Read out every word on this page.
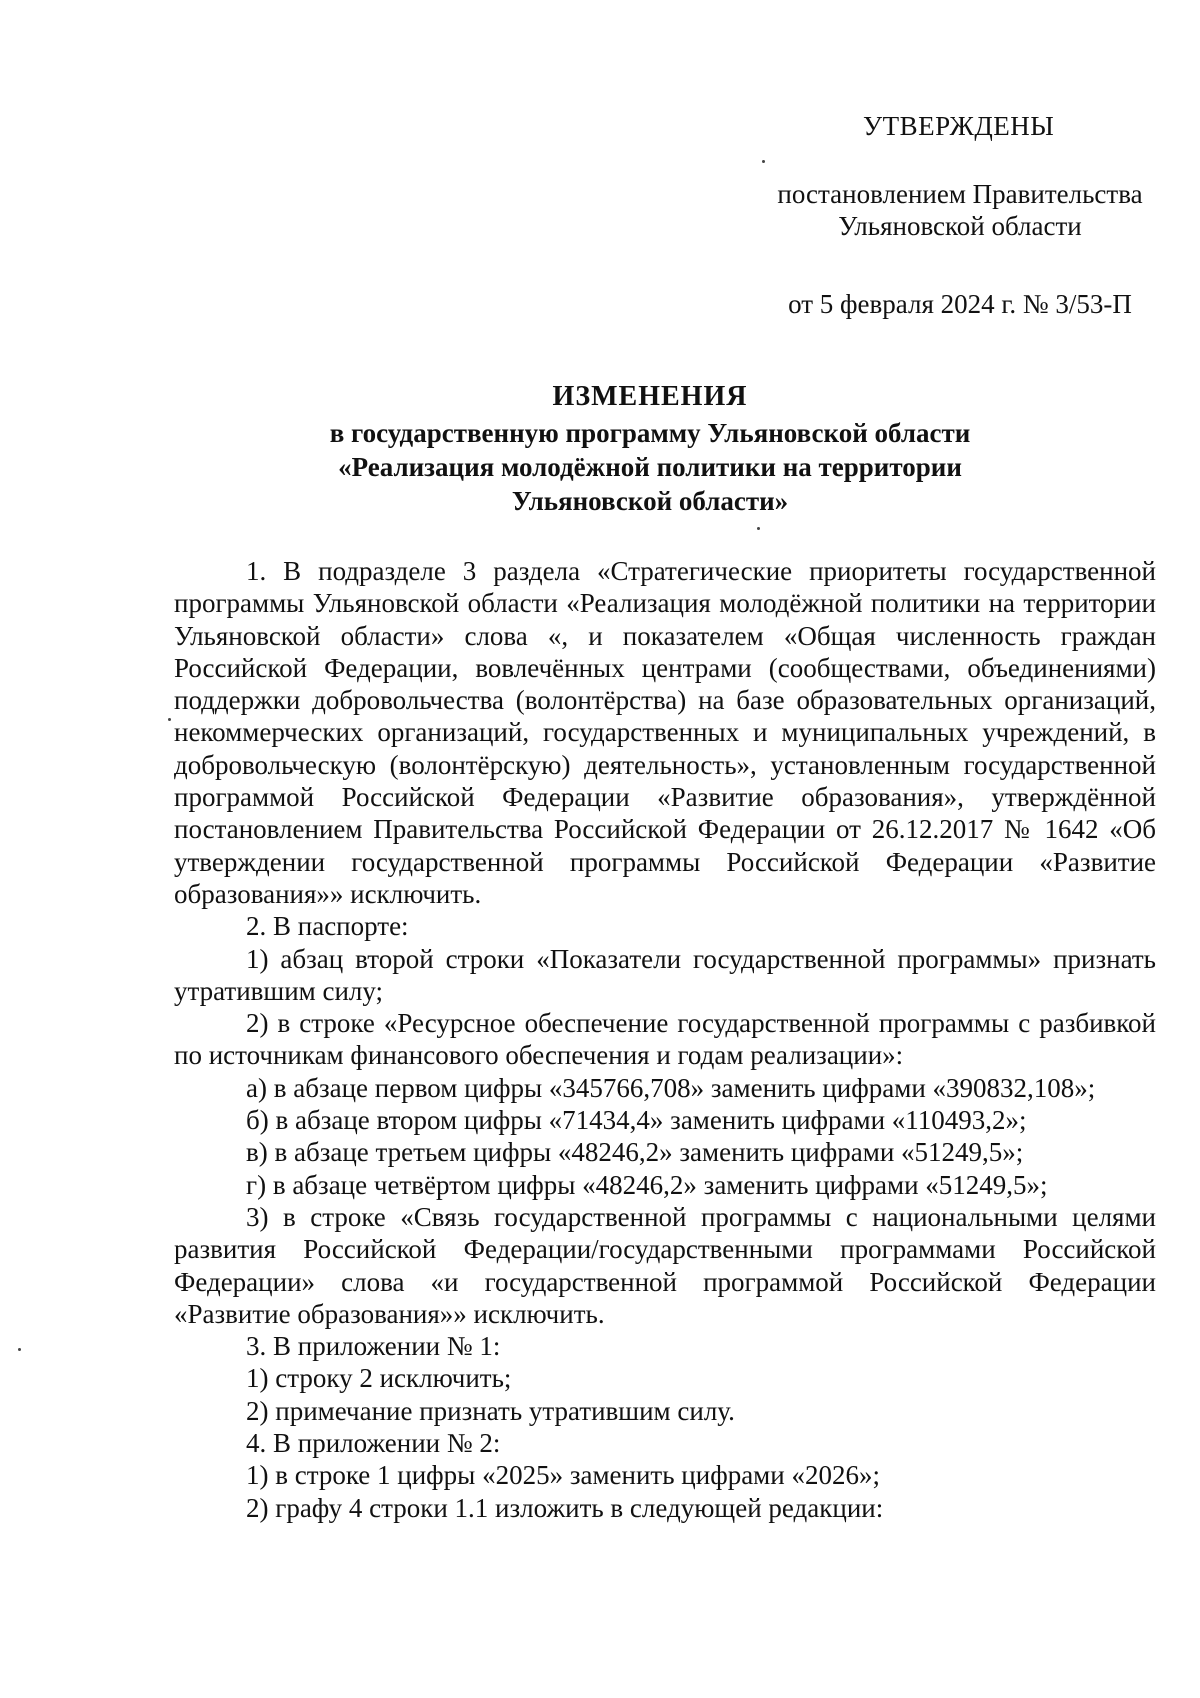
УТВЕРЖДЕНЫ
постановлением Правительства
Ульяновской области
от 5 февраля 2024 г. № 3/53-П
ИЗМЕНЕНИЯ
в государственную программу Ульяновской области
«Реализация молодёжной политики на территории
Ульяновской области»

1. В подразделе 3 раздела «Стратегические приоритеты государственной программы Ульяновской области «Реализация молодёжной политики на территории Ульяновской области» слова «, и показателем «Общая численность граждан Российской Федерации, вовлечённых центрами (сообществами, объединениями) поддержки добровольчества (волонтёрства) на базе образовательных организаций, некоммерческих организаций, государственных и муниципальных учреждений, в добровольческую (волонтёрскую) деятельность», установленным государственной программой Российской Федерации «Развитие образования», утверждённой постановлением Правительства Российской Федерации от 26.12.2017 № 1642 «Об утверждении государственной программы Российской Федерации «Развитие образования»» исключить.

2. В паспорте:

1) абзац второй строки «Показатели государственной программы» признать утратившим силу;

2) в строке «Ресурсное обеспечение государственной программы с разбивкой по источникам финансового обеспечения и годам реализации»:

а) в абзаце первом цифры «345766,708» заменить цифрами «390832,108»;

б) в абзаце втором цифры «71434,4» заменить цифрами «110493,2»;

в) в абзаце третьем цифры «48246,2» заменить цифрами «51249,5»;

г) в абзаце четвёртом цифры «48246,2» заменить цифрами «51249,5»;

3) в строке «Связь государственной программы с национальными целями развития Российской Федерации/государственными программами Российской Федерации» слова «и государственной программой Российской Федерации «Развитие образования»» исключить.

3. В приложении № 1:

1) строку 2 исключить;

2) примечание признать утратившим силу.

4. В приложении № 2:

1) в строке 1 цифры «2025» заменить цифрами «2026»;

2) графу 4 строки 1.1 изложить в следующей редакции:
